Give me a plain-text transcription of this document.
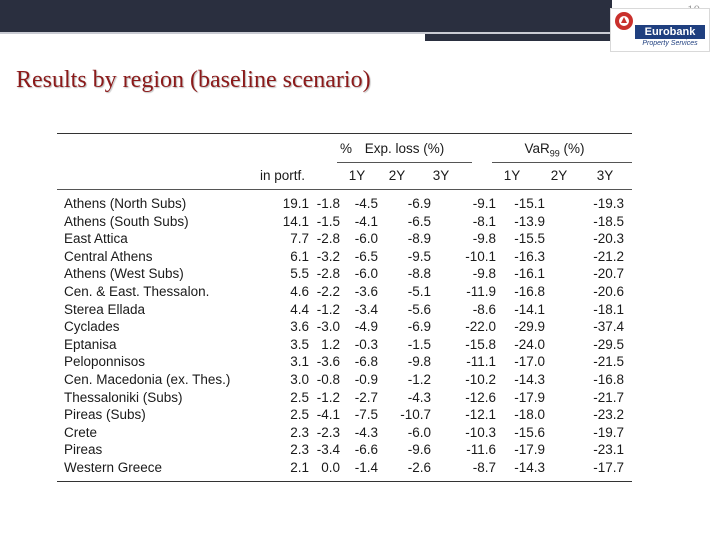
Eurobank
Property Services
Results by region (baseline scenario)
% Exp. loss (%)	VaR$_{99}$ (%)
in portf.	1Y	2Y	3Y	1Y	2Y	3Y
Athens (North Subs)	19.1 -1.8	-4.5	-6.9	-9.1	-15.1	-19.3
Athens (South Subs)	14.1 -1.5	-4.1	-6.5	-8.1	-13.9	-18.5
East Attica	7.7 -2.8	-6.0	-8.9	-9.8	-15.5	-20.3
Central Athens	6.1 -3.2	-6.5	-9.5	-10.1	-16.3	-21.2
Athens (West Subs)	5.5 -2.8	-6.0	-8.8	-9.8	-16.1	-20.7
Cen. & East. Thessalon.	4.6 -2.2	-3.6	-5.1	-11.9	-16.8	-20.6
Sterea Ellada	4.4 -1.2	-3.4	-5.6	-8.6	-14.1	-18.1
Cyclades	3.6 -3.0	-4.9	-6.9	-22.0	-29.9	-37.4
Eptanisa	3.5 1.2	-0.3	-1.5	-15.8	-24.0	-29.5
Peloponnisos	3.1 -3.6	-6.8	-9.8	-11.1	-17.0	-21.5
Cen. Macedonia (ex. Thes.)	3.0 -0.8	-0.9	-1.2	-10.2	-14.3	-16.8
Thessaloniki (Subs)	2.5 -1.2	-2.7	-4.3	-12.6	-17.9	-21.7
Pireas (Subs)	2.5 -4.1	-7.5	-10.7	-12.1	-18.0	-23.2
Crete	2.3 -2.3	-4.3	-6.0	-10.3	-15.6	-19.7
Pireas	2.3 -3.4	-6.6	-9.6	-11.6	-17.9	-23.1
Western Greece	2.1 0.0	-1.4	-2.6	-8.7	-14.3	-17.7
